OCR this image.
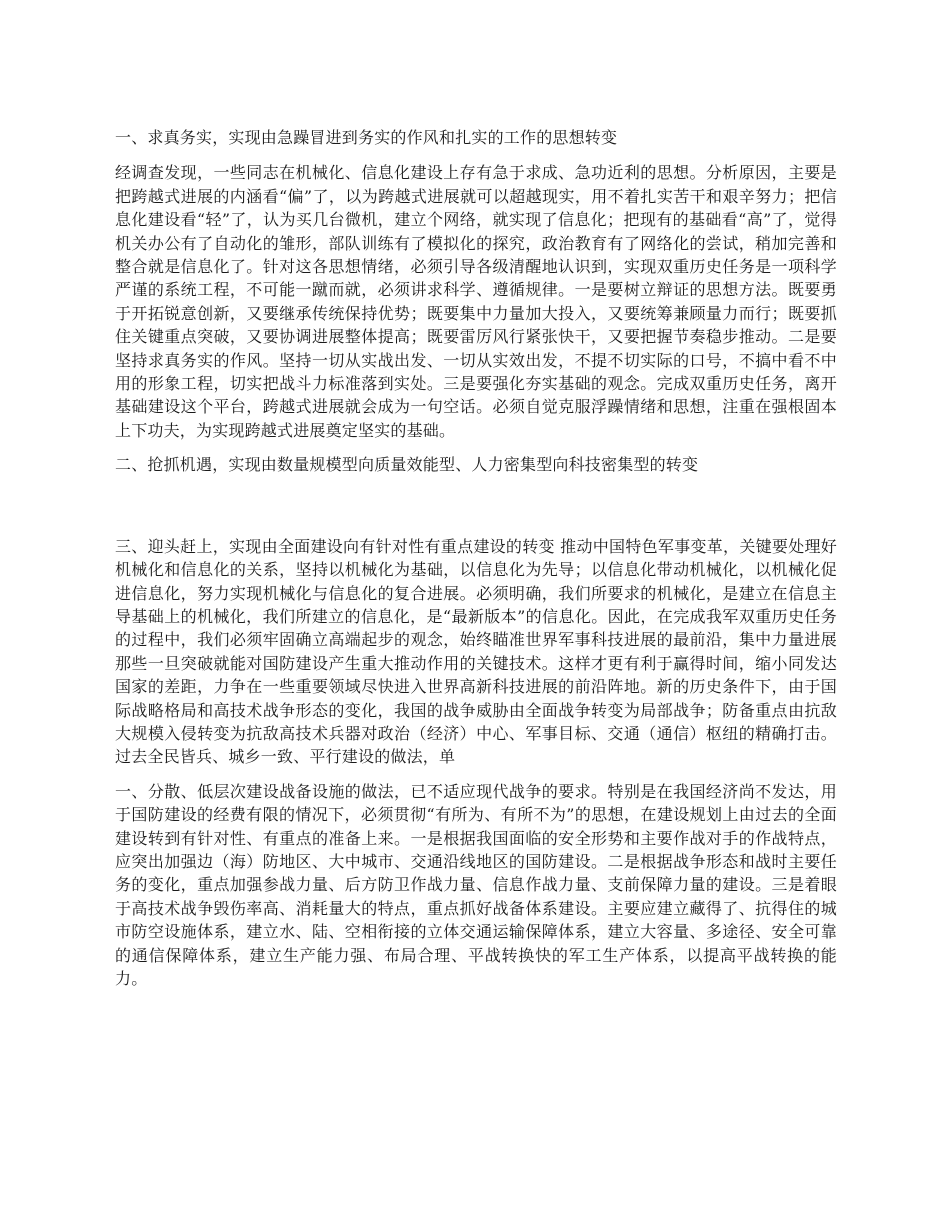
一、求真务实，实现由急躁冒进到务实的作风和扎实的工作的思想转变

经调查发现，一些同志在机械化、信息化建设上存有急于求成、急功近利的思想。分析原因，主要是把跨越式进展的内涵看“偏”了，以为跨越式进展就可以超越现实，用不着扎实苦干和艰辛努力；把信息化建设看“轻”了，认为买几台微机，建立个网络，就实现了信息化；把现有的基础看“高”了，觉得机关办公有了自动化的雏形，部队训练有了模拟化的探究，政治教育有了网络化的尝试，稍加完善和整合就是信息化了。针对这各思想情绪，必须引导各级清醒地认识到，实现双重历史任务是一项科学严谨的系统工程，不可能一蹴而就，必须讲求科学、遵循规律。一是要树立辩证的思想方法。既要勇于开拓锐意创新，又要继承传统保持优势；既要集中力量加大投入，又要统筹兼顾量力而行；既要抓住关键重点突破，又要协调进展整体提高；既要雷厉风行紧张快干，又要把握节奏稳步推动。二是要坚持求真务实的作风。坚持一切从实战出发、一切从实效出发，不提不切实际的口号，不搞中看不中用的形象工程，切实把战斗力标准落到实处。三是要强化夯实基础的观念。完成双重历史任务，离开基础建设这个平台，跨越式进展就会成为一句空话。必须自觉克服浮躁情绪和思想，注重在强根固本上下功夫，为实现跨越式进展奠定坚实的基础。

二、抢抓机遇，实现由数量规模型向质量效能型、人力密集型向科技密集型的转变

三、迎头赶上，实现由全面建设向有针对性有重点建设的转变 推动中国特色军事变革，关键要处理好机械化和信息化的关系，坚持以机械化为基础，以信息化为先导；以信息化带动机械化，以机械化促进信息化，努力实现机械化与信息化的复合进展。必须明确，我们所要求的机械化，是建立在信息主导基础上的机械化，我们所建立的信息化，是“最新版本”的信息化。因此，在完成我军双重历史任务的过程中，我们必须牢固确立高端起步的观念，始终瞄准世界军事科技进展的最前沿，集中力量进展那些一旦突破就能对国防建设产生重大推动作用的关键技术。这样才更有利于赢得时间，缩小同发达国家的差距，力争在一些重要领域尽快进入世界高新科技进展的前沿阵地。新的历史条件下，由于国际战略格局和高技术战争形态的变化，我国的战争威胁由全面战争转变为局部战争；防备重点由抗敌大规模入侵转变为抗敌高技术兵器对政治（经济）中心、军事目标、交通（通信）枢纽的精确打击。过去全民皆兵、城乡一致、平行建设的做法，单

一、分散、低层次建设战备设施的做法，已不适应现代战争的要求。特别是在我国经济尚不发达，用于国防建设的经费有限的情况下，必须贯彻“有所为、有所不为”的思想，在建设规划上由过去的全面建设转到有针对性、有重点的准备上来。一是根据我国面临的安全形势和主要作战对手的作战特点，应突出加强边（海）防地区、大中城市、交通沿线地区的国防建设。二是根据战争形态和战时主要任务的变化，重点加强参战力量、后方防卫作战力量、信息作战力量、支前保障力量的建设。三是着眼于高技术战争毁伤率高、消耗量大的特点，重点抓好战备体系建设。主要应建立藏得了、抗得住的城市防空设施体系，建立水、陆、空相衔接的立体交通运输保障体系，建立大容量、多途径、安全可靠的通信保障体系，建立生产能力强、布局合理、平战转换快的军工生产体系，以提高平战转换的能力。
